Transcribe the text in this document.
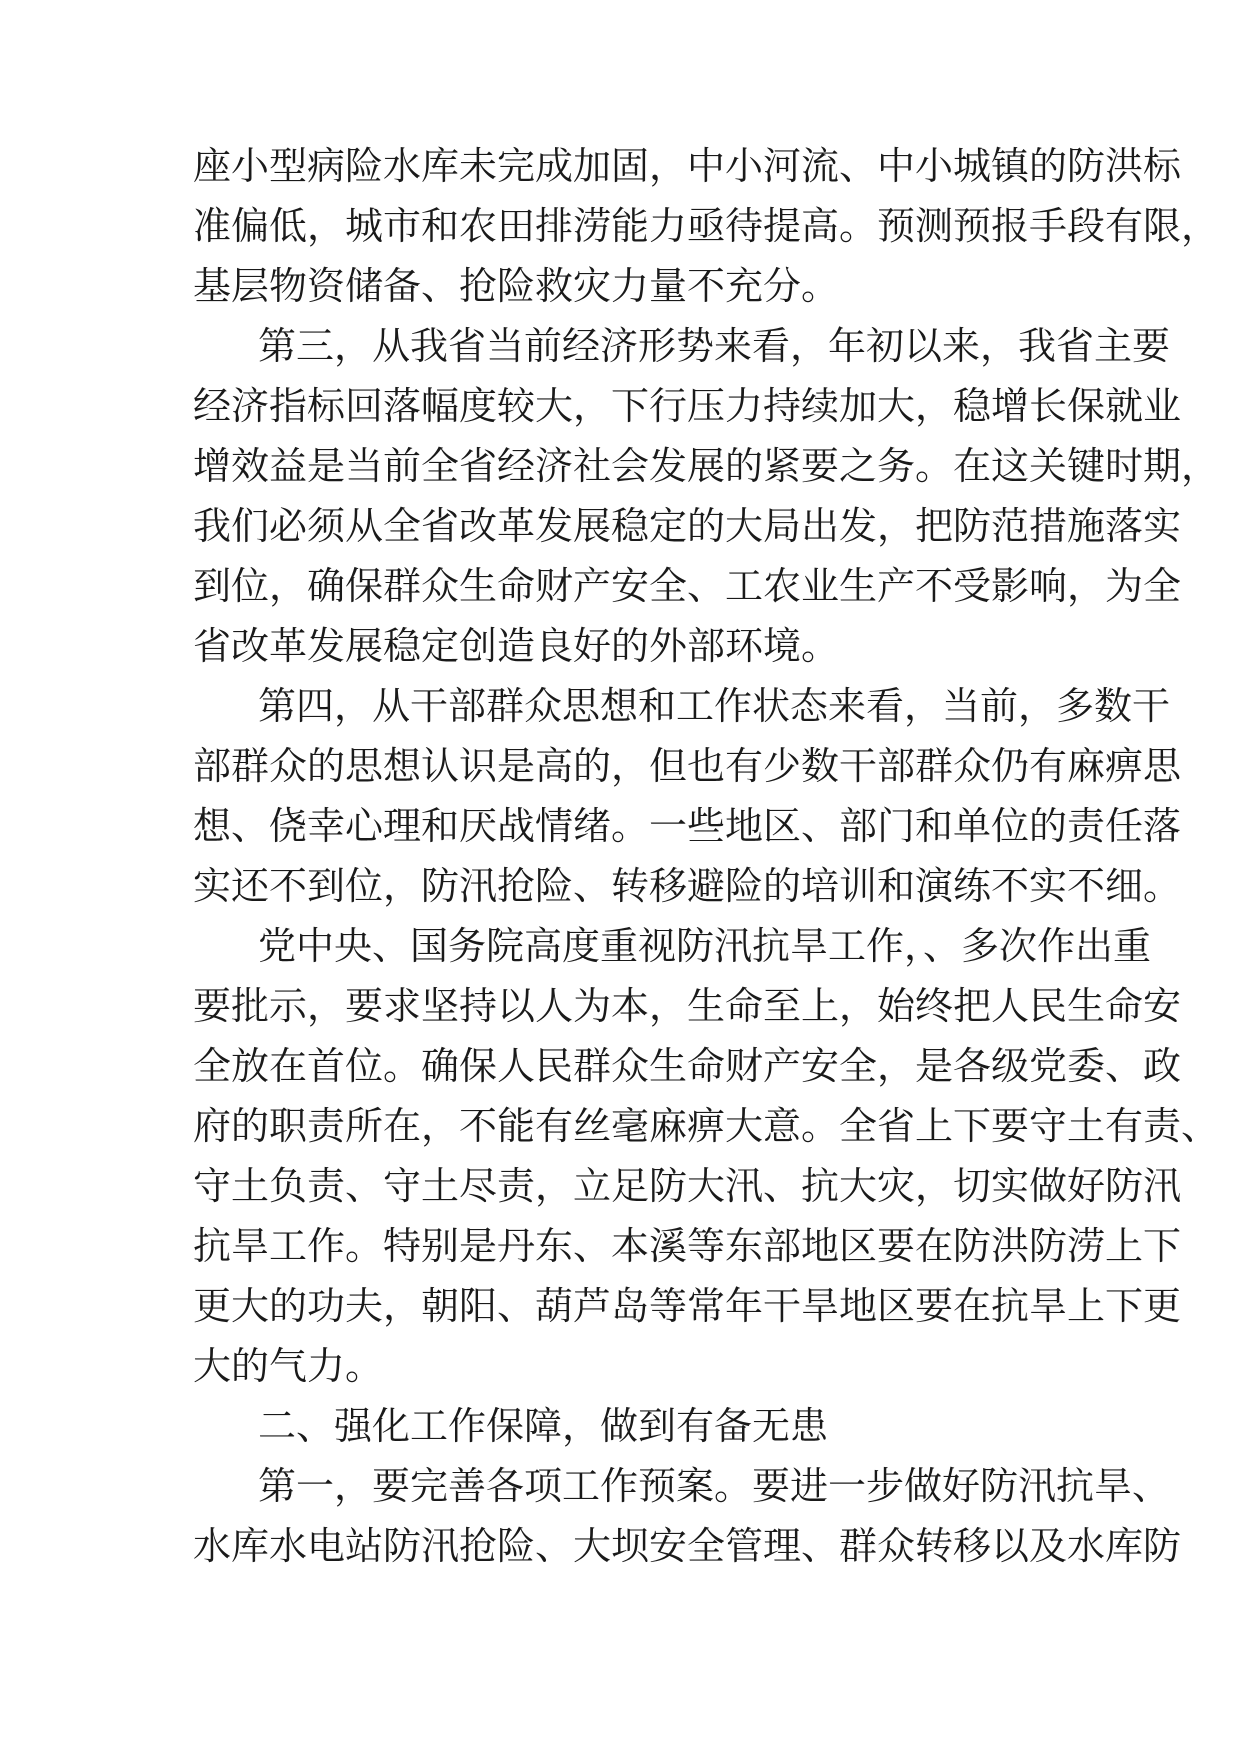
座小型病险水库未完成加固，中小河流、中小城镇的防洪标
准偏低，城市和农田排涝能力亟待提高。预测预报手段有限，
基层物资储备、抢险救灾力量不充分。
第三，从我省当前经济形势来看，年初以来，我省主要
经济指标回落幅度较大，下行压力持续加大，稳增长保就业
增效益是当前全省经济社会发展的紧要之务。在这关键时期，
我们必须从全省改革发展稳定的大局出发，把防范措施落实
到位，确保群众生命财产安全、工农业生产不受影响，为全
省改革发展稳定创造良好的外部环境。
第四，从干部群众思想和工作状态来看，当前，多数干
部群众的思想认识是高的，但也有少数干部群众仍有麻痹思
想、侥幸心理和厌战情绪。一些地区、部门和单位的责任落
实还不到位，防汛抢险、转移避险的培训和演练不实不细。
党中央、国务院高度重视防汛抗旱工作，、多次作出重
要批示，要求坚持以人为本，生命至上，始终把人民生命安
全放在首位。确保人民群众生命财产安全，是各级党委、政
府的职责所在，不能有丝毫麻痹大意。全省上下要守土有责、
守土负责、守土尽责，立足防大汛、抗大灾，切实做好防汛
抗旱工作。特别是丹东、本溪等东部地区要在防洪防涝上下
更大的功夫，朝阳、葫芦岛等常年干旱地区要在抗旱上下更
大的气力。
二、强化工作保障，做到有备无患
第一，要完善各项工作预案。要进一步做好防汛抗旱、
水库水电站防汛抢险、大坝安全管理、群众转移以及水库防
